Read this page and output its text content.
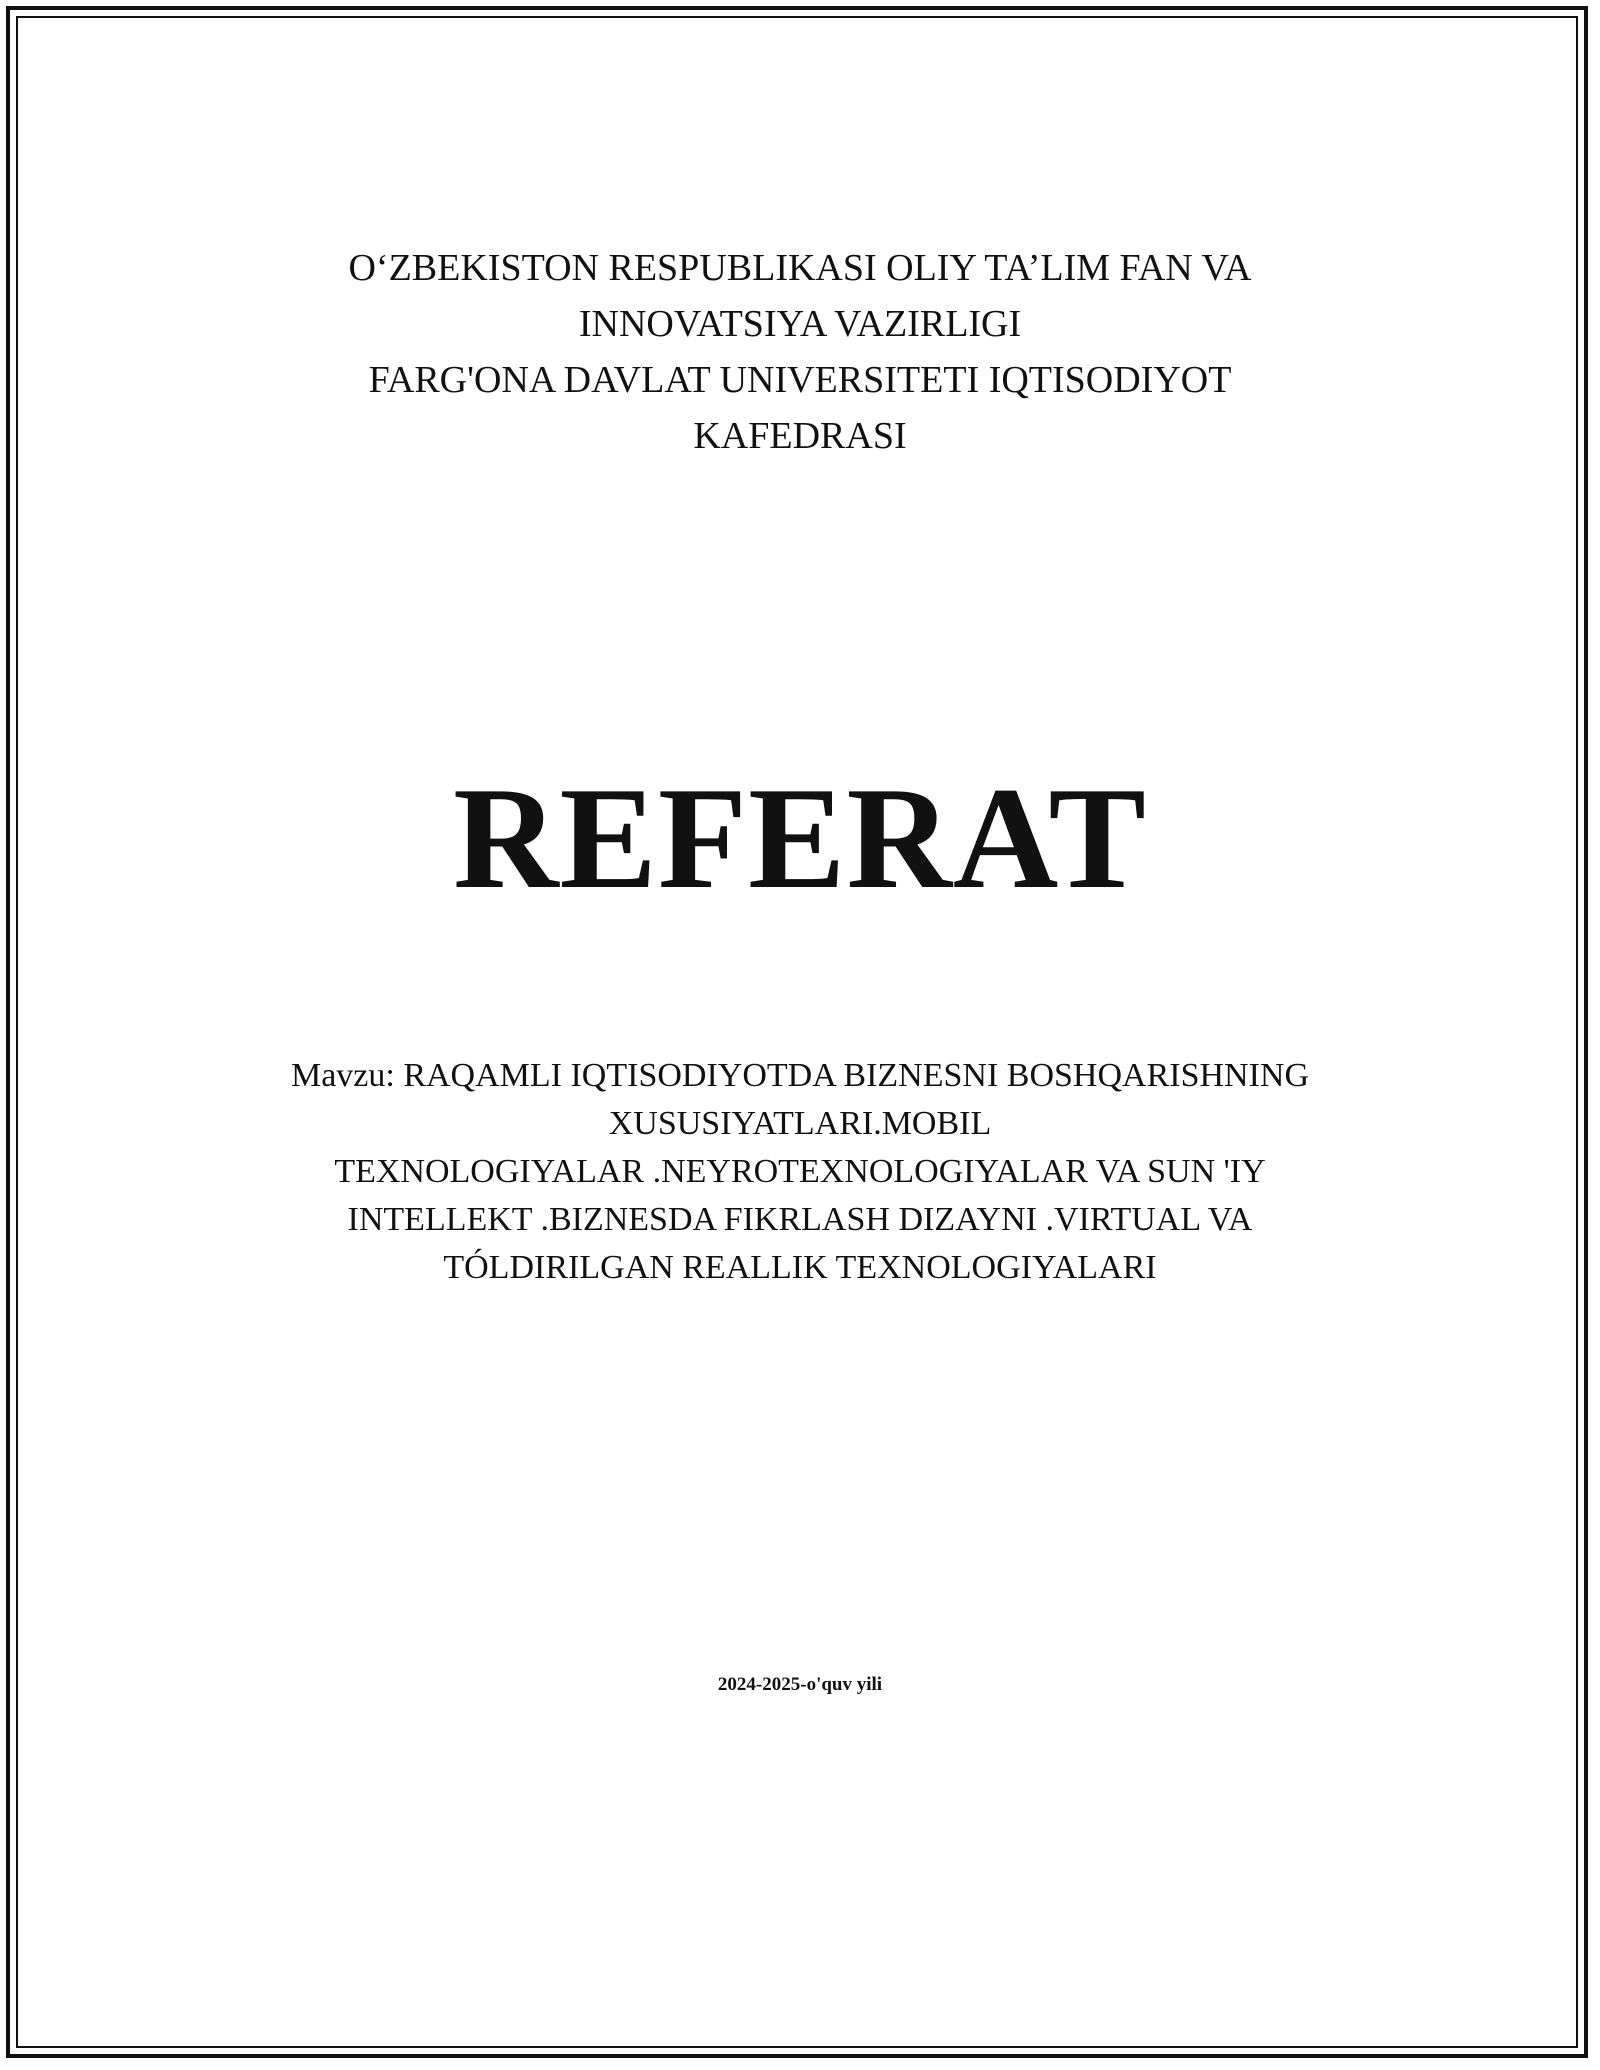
O‘ZBEKISTON RESPUBLIKASI OLIY TA’LIM FAN VA
INNOVATSIYA VAZIRLIGI
FARG'ONA DAVLAT UNIVERSITETI IQTISODIYOT
KAFEDRASI
REFERAT
Mavzu: RAQAMLI IQTISODIYOTDA BIZNESNI BOSHQARISHNING
XUSUSIYATLARI.MOBIL
TEXNOLOGIYALAR .NEYROTEXNOLOGIYALAR VA SUN 'IY
INTELLEKT .BIZNESDA FIKRLASH DIZAYNI .VIRTUAL VA
TÓLDIRILGAN REALLIK TEXNOLOGIYALARI
2024-2025-o'quv yili
